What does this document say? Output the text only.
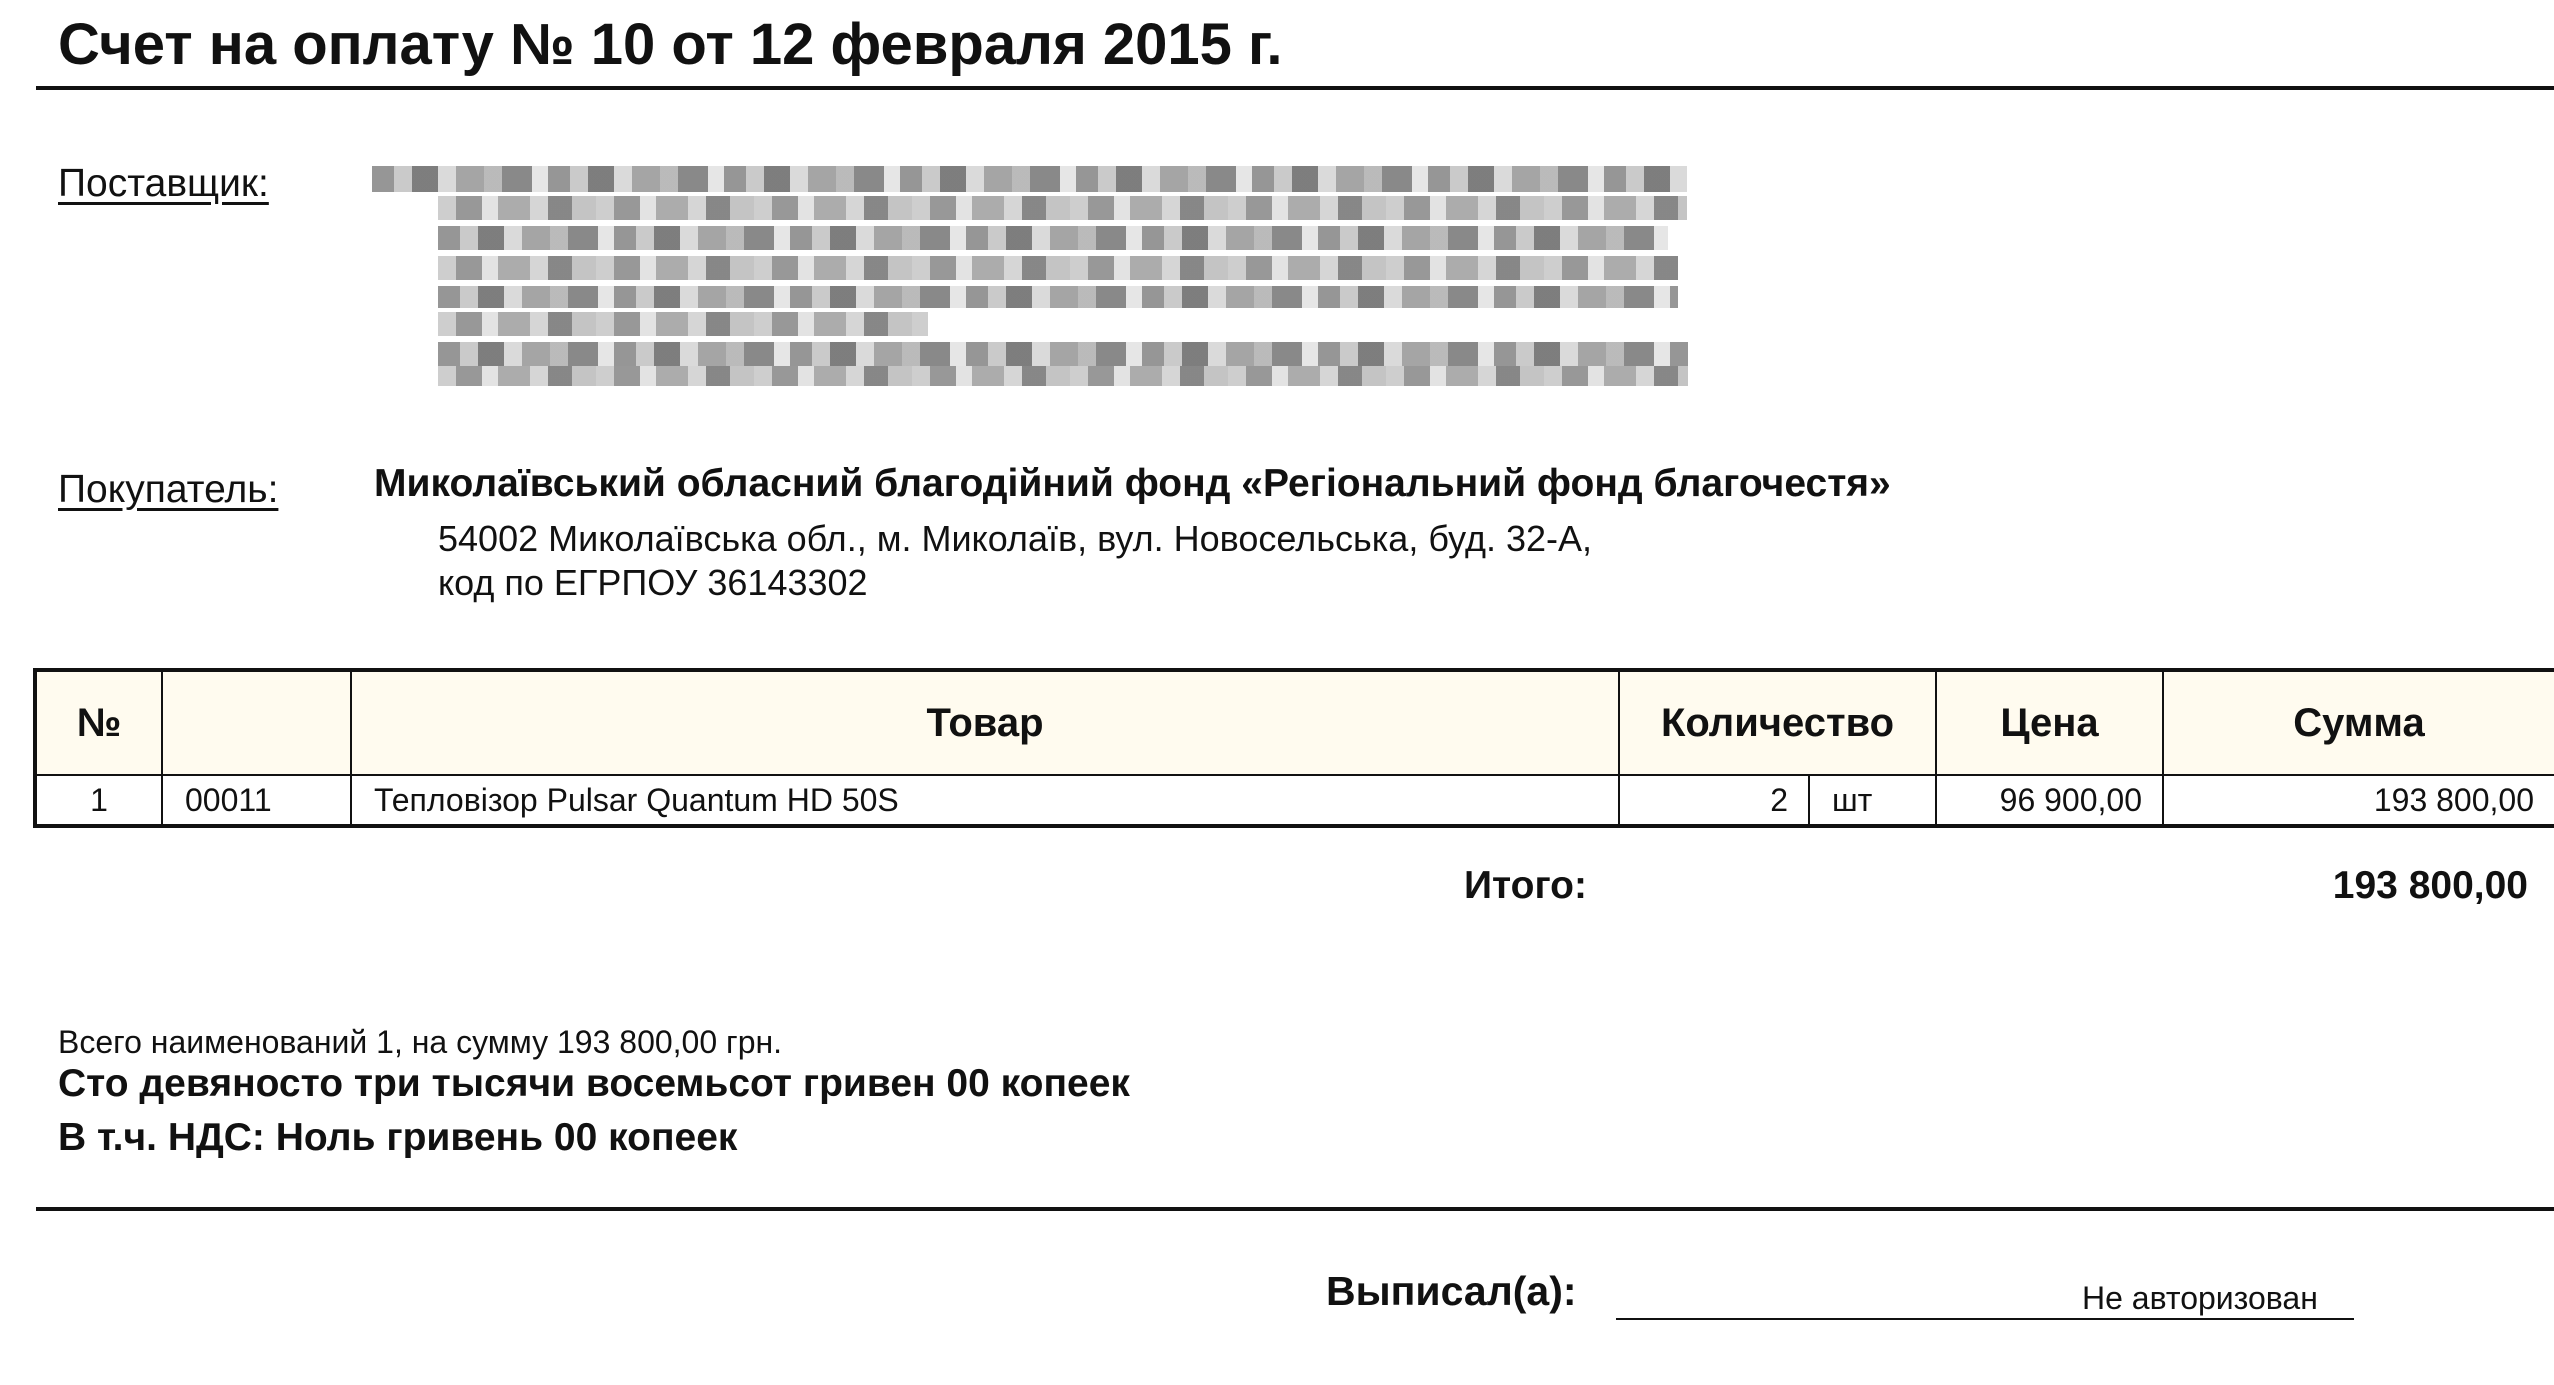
Счет на оплату № 10 от 12 февраля 2015 г.
Поставщик:
Покупатель: Миколаївський обласний благодійний фонд «Регіональний фонд благочестя»
54002 Миколаївська обл., м. Миколаїв, вул. Новосельська, буд. 32-А,
код по ЕГРПОУ 36143302
№		Товар	Количество		Цена	Сумма
1	00011	Тепловізор Pulsar Quantum HD 50S	2	шт	96 900,00	193 800,00
Итого:	193 800,00
Всего наименований 1, на сумму 193 800,00 грн.
Сто девяносто три тысячи восемьсот гривен 00 копеек
В т.ч. НДС: Ноль гривень 00 копеек
Выписал(а):	Не авторизован
